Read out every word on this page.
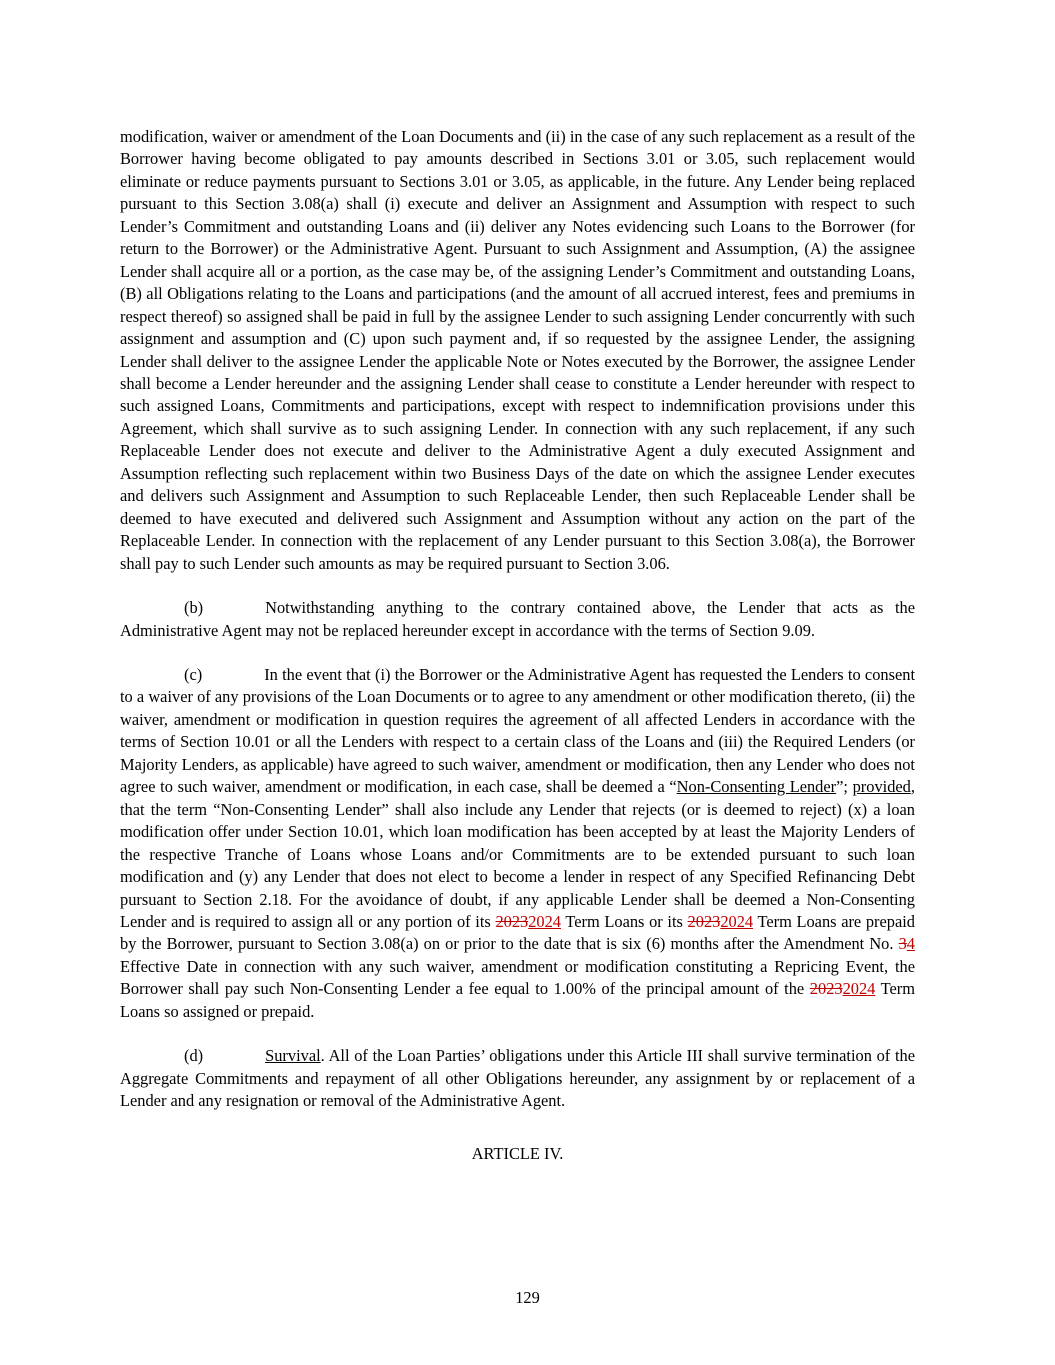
modification, waiver or amendment of the Loan Documents and (ii) in the case of any such replacement as a result of the Borrower having become obligated to pay amounts described in Sections 3.01 or 3.05, such replacement would eliminate or reduce payments pursuant to Sections 3.01 or 3.05, as applicable, in the future. Any Lender being replaced pursuant to this Section 3.08(a) shall (i) execute and deliver an Assignment and Assumption with respect to such Lender’s Commitment and outstanding Loans and (ii) deliver any Notes evidencing such Loans to the Borrower (for return to the Borrower) or the Administrative Agent. Pursuant to such Assignment and Assumption, (A) the assignee Lender shall acquire all or a portion, as the case may be, of the assigning Lender’s Commitment and outstanding Loans, (B) all Obligations relating to the Loans and participations (and the amount of all accrued interest, fees and premiums in respect thereof) so assigned shall be paid in full by the assignee Lender to such assigning Lender concurrently with such assignment and assumption and (C) upon such payment and, if so requested by the assignee Lender, the assigning Lender shall deliver to the assignee Lender the applicable Note or Notes executed by the Borrower, the assignee Lender shall become a Lender hereunder and the assigning Lender shall cease to constitute a Lender hereunder with respect to such assigned Loans, Commitments and participations, except with respect to indemnification provisions under this Agreement, which shall survive as to such assigning Lender. In connection with any such replacement, if any such Replaceable Lender does not execute and deliver to the Administrative Agent a duly executed Assignment and Assumption reflecting such replacement within two Business Days of the date on which the assignee Lender executes and delivers such Assignment and Assumption to such Replaceable Lender, then such Replaceable Lender shall be deemed to have executed and delivered such Assignment and Assumption without any action on the part of the Replaceable Lender. In connection with the replacement of any Lender pursuant to this Section 3.08(a), the Borrower shall pay to such Lender such amounts as may be required pursuant to Section 3.06.

(b)	Notwithstanding anything to the contrary contained above, the Lender that acts as the Administrative Agent may not be replaced hereunder except in accordance with the terms of Section 9.09.

(c)	In the event that (i) the Borrower or the Administrative Agent has requested the Lenders to consent to a waiver of any provisions of the Loan Documents or to agree to any amendment or other modification thereto, (ii) the waiver, amendment or modification in question requires the agreement of all affected Lenders in accordance with the terms of Section 10.01 or all the Lenders with respect to a certain class of the Loans and (iii) the Required Lenders (or Majority Lenders, as applicable) have agreed to such waiver, amendment or modification, then any Lender who does not agree to such waiver, amendment or modification, in each case, shall be deemed a “Non-Consenting Lender”; provided, that the term “Non-Consenting Lender” shall also include any Lender that rejects (or is deemed to reject) (x) a loan modification offer under Section 10.01, which loan modification has been accepted by at least the Majority Lenders of the respective Tranche of Loans whose Loans and/or Commitments are to be extended pursuant to such loan modification and (y) any Lender that does not elect to become a lender in respect of any Specified Refinancing Debt pursuant to Section 2.18. For the avoidance of doubt, if any applicable Lender shall be deemed a Non-Consenting Lender and is required to assign all or any portion of its 20232024 Term Loans or its 20232024 Term Loans are prepaid by the Borrower, pursuant to Section 3.08(a) on or prior to the date that is six (6) months after the Amendment No. 34 Effective Date in connection with any such waiver, amendment or modification constituting a Repricing Event, the Borrower shall pay such Non-Consenting Lender a fee equal to 1.00% of the principal amount of the 20232024 Term Loans so assigned or prepaid.

(d)	Survival. All of the Loan Parties’ obligations under this Article III shall survive termination of the Aggregate Commitments and repayment of all other Obligations hereunder, any assignment by or replacement of a Lender and any resignation or removal of the Administrative Agent.

ARTICLE IV.
129
